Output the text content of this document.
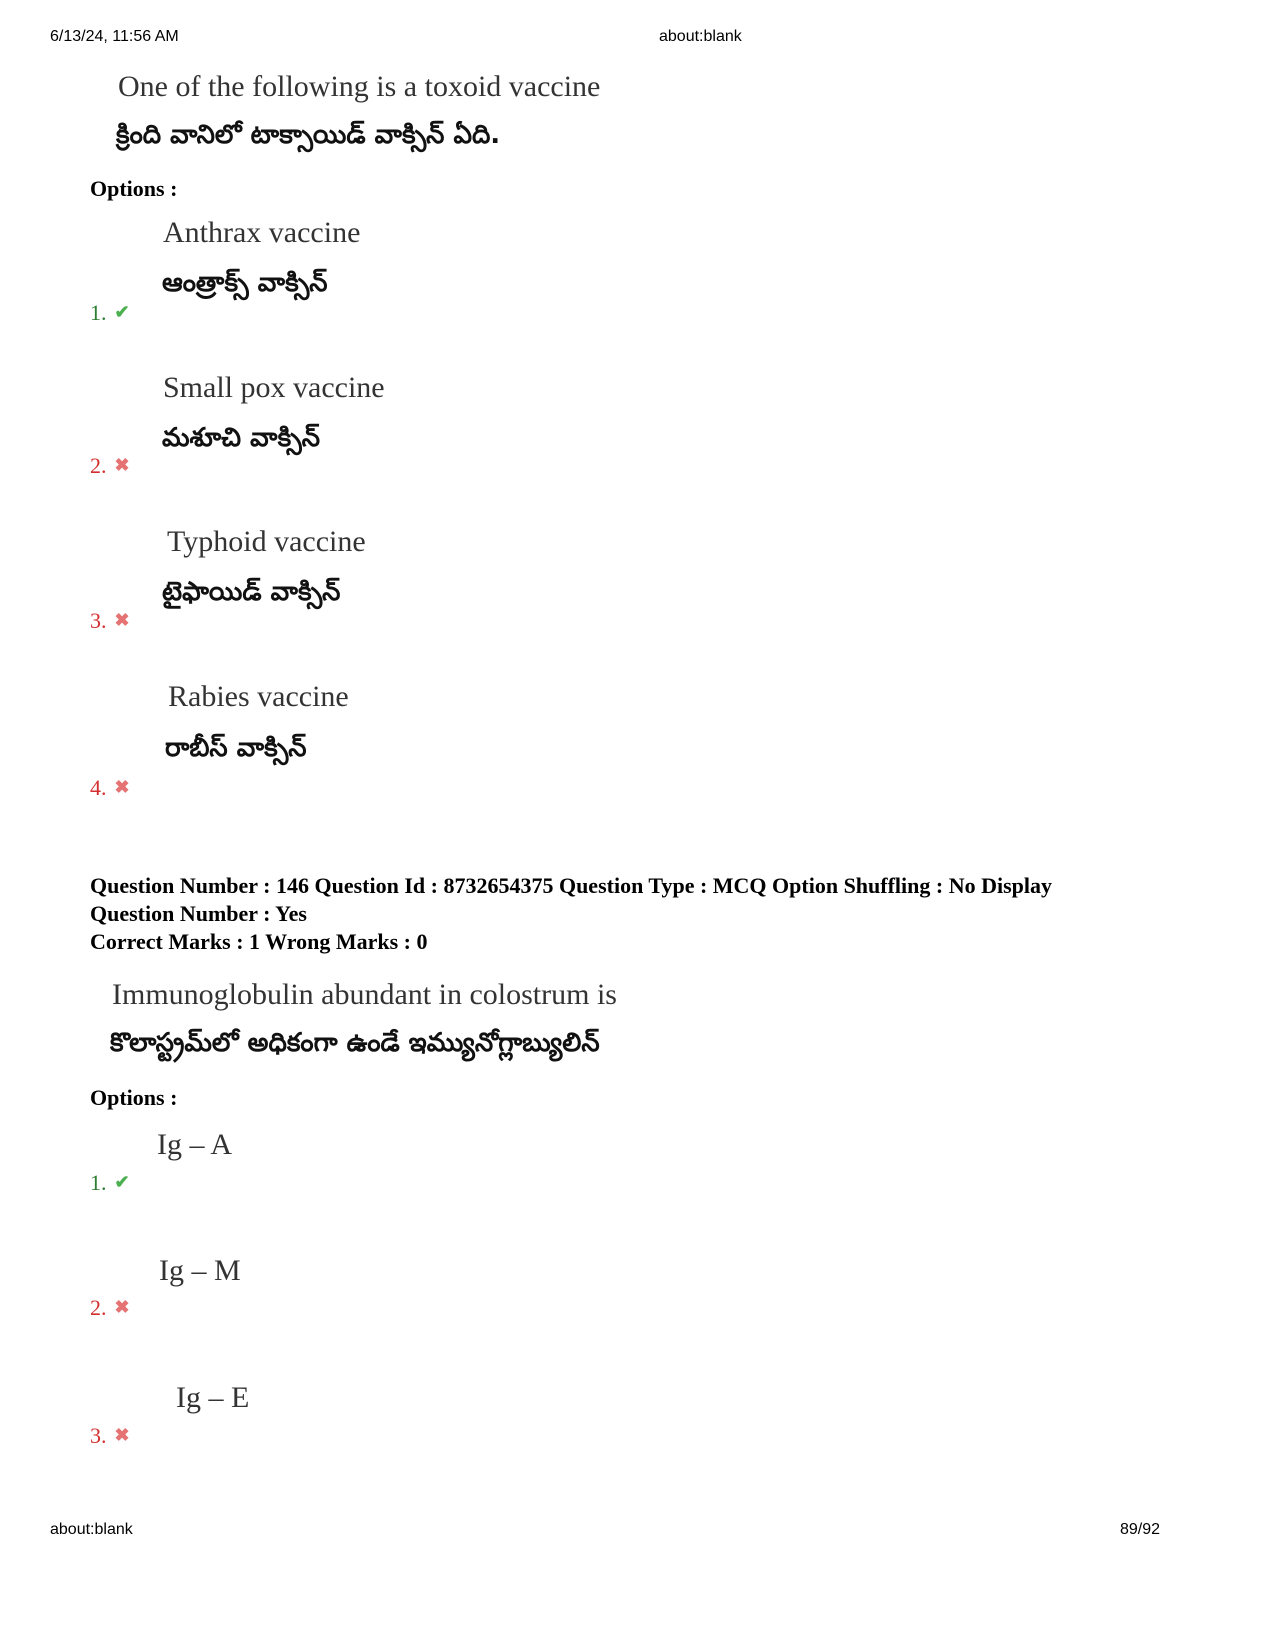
6/13/24, 11:56 AM	about:blank
One of the following is a toxoid vaccine
క్రింది వానిలో టాక్సాయిడ్ వాక్సిన్ ఏది.
Options :
Anthrax vaccine
ఆంత్రాక్స్ వాక్సిన్
1. ✔
Small pox vaccine
మశూచి వాక్సిన్
2. ✖
Typhoid vaccine
టైఫాయిడ్ వాక్సిన్
3. ✖
Rabies vaccine
రాబీస్ వాక్సిన్
4. ✖
Question Number : 146 Question Id : 8732654375 Question Type : MCQ Option Shuffling : No Display
Question Number : Yes
Correct Marks : 1 Wrong Marks : 0
Immunoglobulin abundant in colostrum is
కొలాస్ట్రమ్‌లో అధికంగా ఉండే ఇమ్యునోగ్లాబ్యులిన్
Options :
Ig – A
1. ✔
Ig – M
2. ✖
Ig – E
3. ✖
about:blank	89/92
